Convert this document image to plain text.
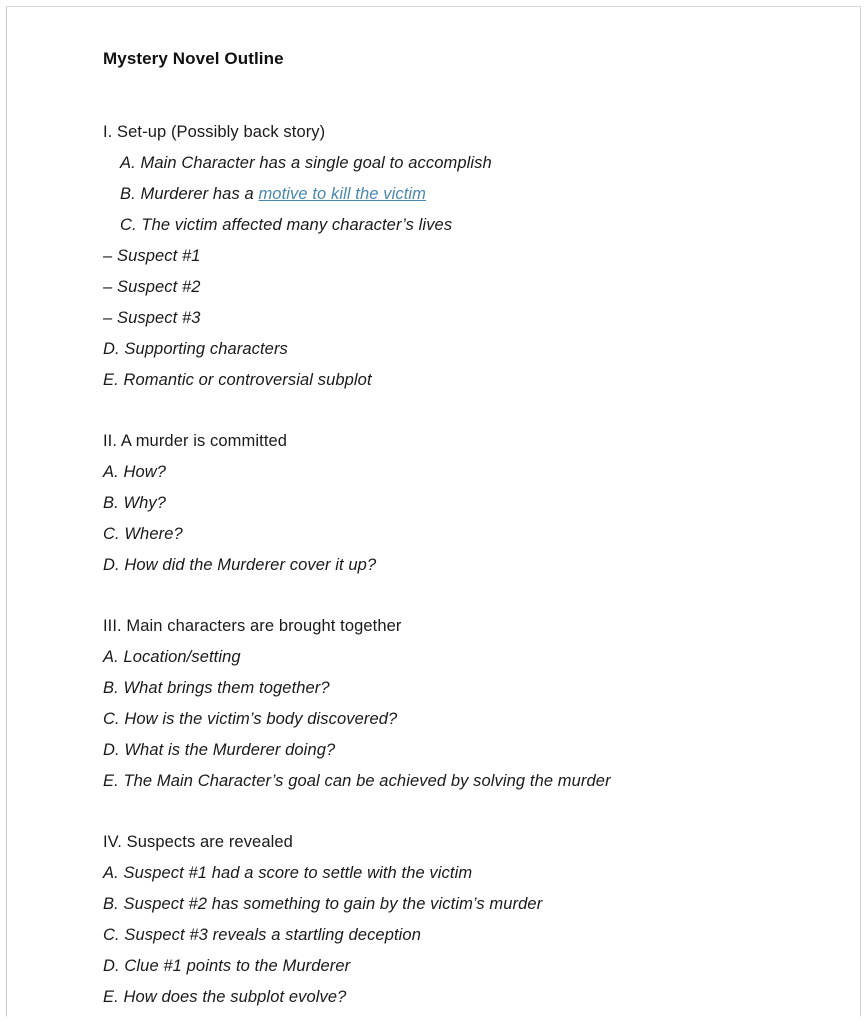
Mystery Novel Outline
I. Set-up (Possibly back story)
A. Main Character has a single goal to accomplish
B. Murderer has a motive to kill the victim
C. The victim affected many character’s lives
– Suspect #1
– Suspect #2
– Suspect #3
D. Supporting characters
E. Romantic or controversial subplot
II. A murder is committed
A. How?
B. Why?
C. Where?
D. How did the Murderer cover it up?
III. Main characters are brought together
A. Location/setting
B. What brings them together?
C. How is the victim’s body discovered?
D. What is the Murderer doing?
E. The Main Character’s goal can be achieved by solving the murder
IV. Suspects are revealed
A. Suspect #1 had a score to settle with the victim
B. Suspect #2 has something to gain by the victim’s murder
C. Suspect #3 reveals a startling deception
D. Clue #1 points to the Murderer
E. How does the subplot evolve?
